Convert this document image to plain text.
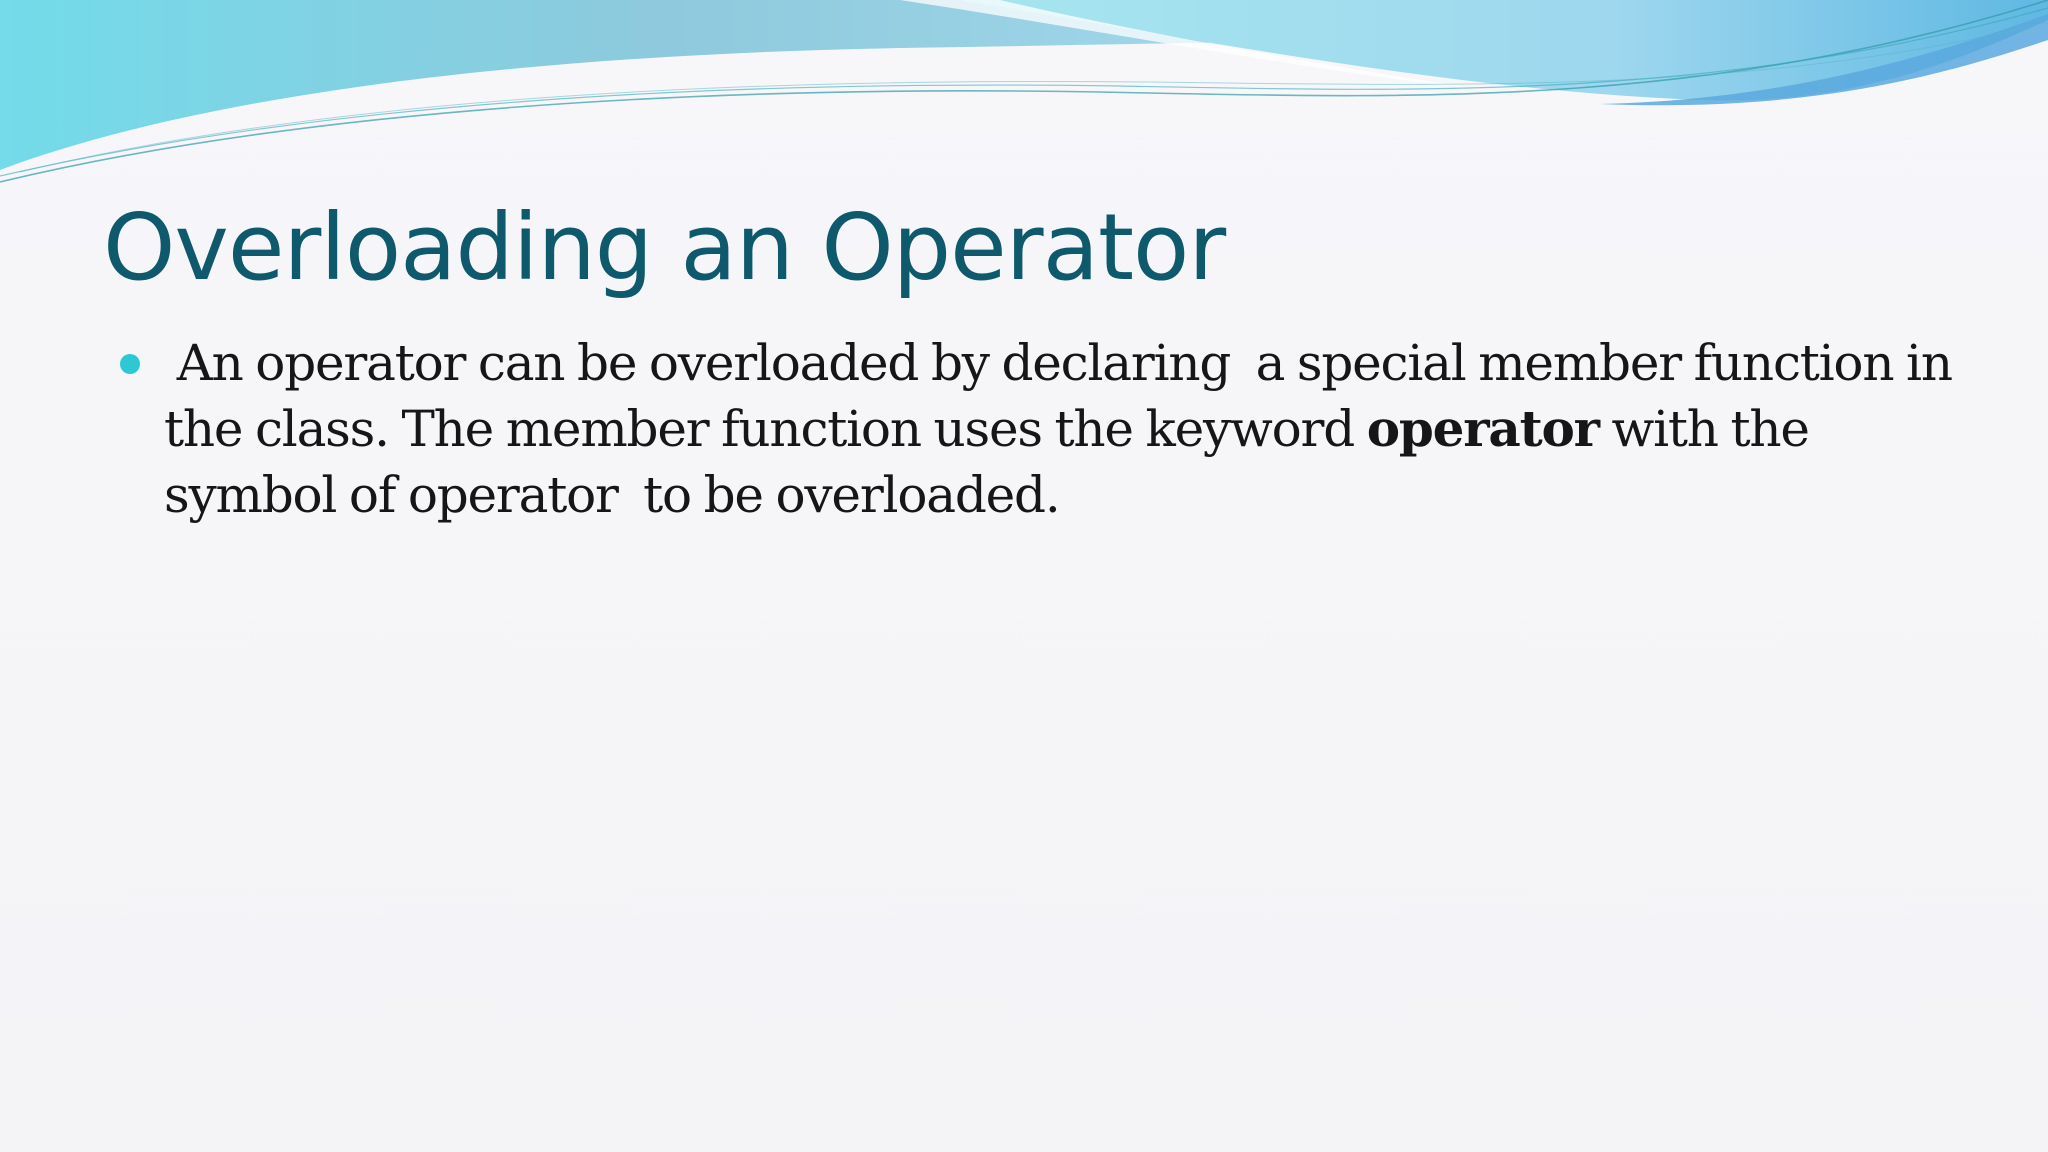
Overloading an Operator
An operator can be overloaded by declaring  a special member function in
the class. The member function uses the keyword operator with the
symbol of operator  to be overloaded.
